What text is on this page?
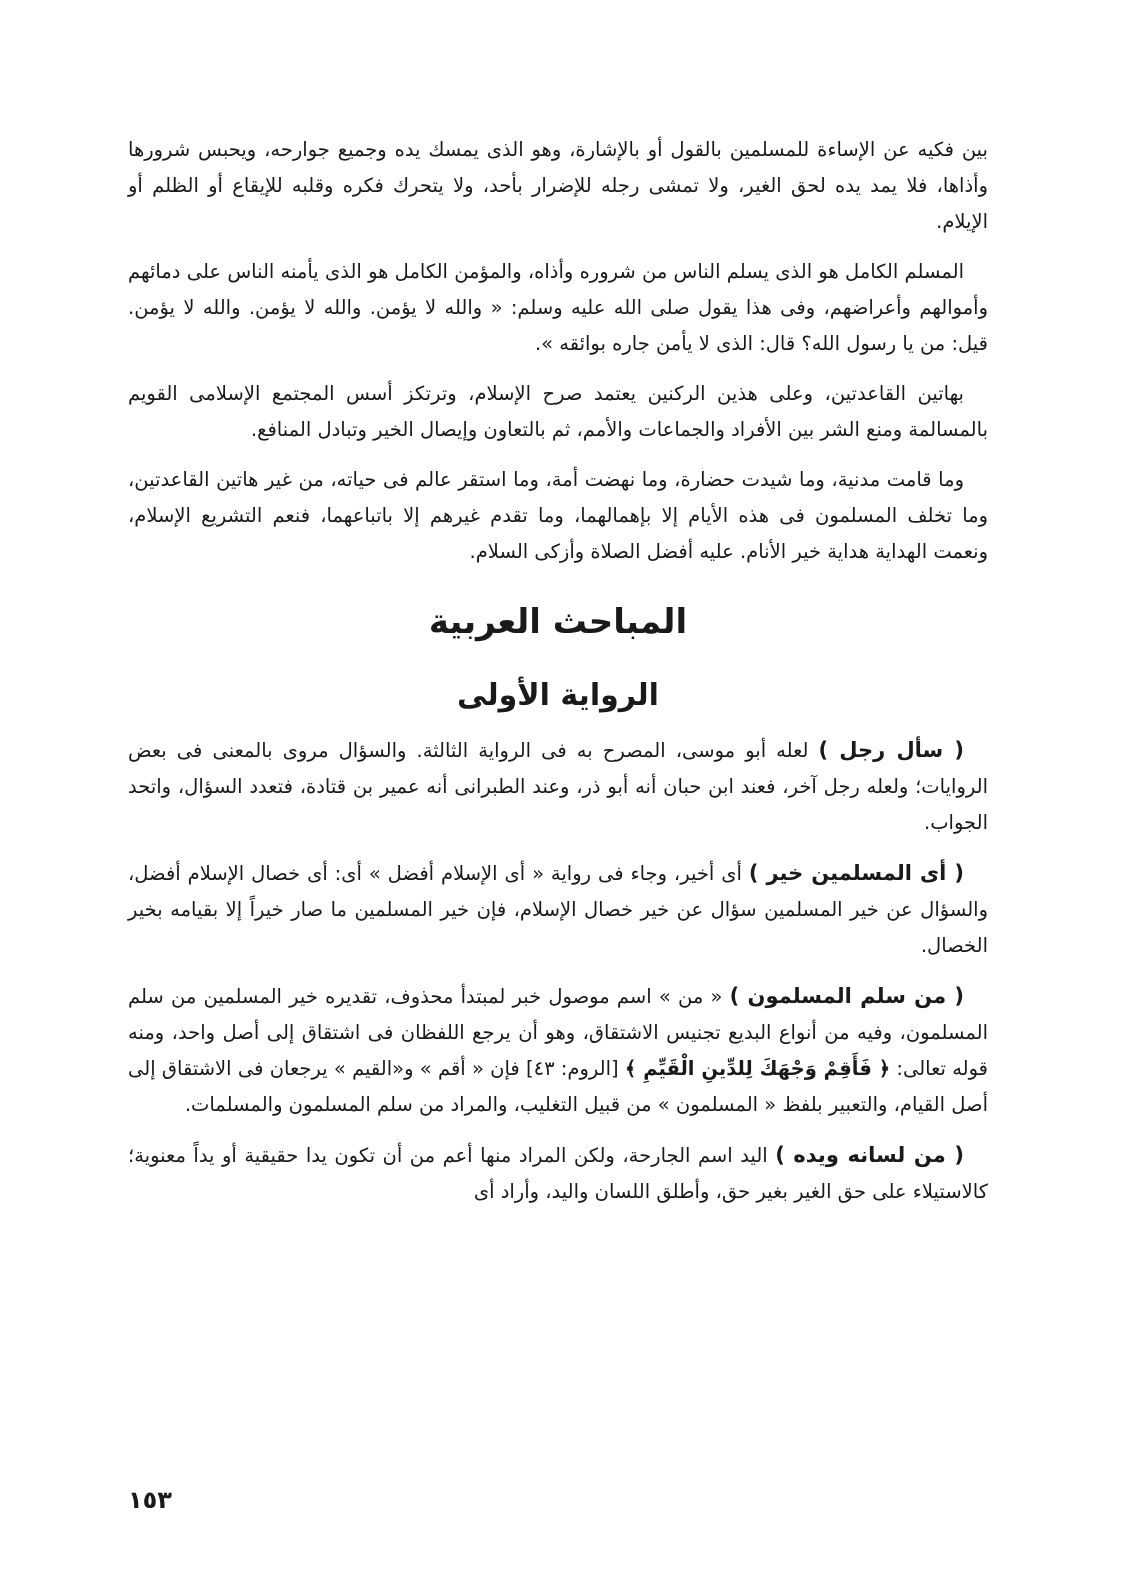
بين فكيه عن الإساءة للمسلمين بالقول أو بالإشارة، وهو الذى يمسك يده وجميع جوارحه، ويحبس شرورها وأذاها، فلا يمد يده لحق الغير، ولا تمشى رجله للإضرار بأحد، ولا يتحرك فكره وقلبه للإيقاع أو الظلم أو الإيلام.

المسلم الكامل هو الذى يسلم الناس من شروره وأذاه، والمؤمن الكامل هو الذى يأمنه الناس على دمائهم وأموالهم وأعراضهم، وفى هذا يقول صلى الله عليه وسلم: « والله لا يؤمن. والله لا يؤمن. والله لا يؤمن. قيل: من يا رسول الله؟ قال: الذى لا يأمن جاره بوائقه ».

بهاتين القاعدتين، وعلى هذين الركنين يعتمد صرح الإسلام، وترتكز أسس المجتمع الإسلامى القويم بالمسالمة ومنع الشر بين الأفراد والجماعات والأمم، ثم بالتعاون وإيصال الخير وتبادل المنافع.

وما قامت مدنية، وما شيدت حضارة، وما نهضت أمة، وما استقر عالم فى حياته، من غير هاتين القاعدتين، وما تخلف المسلمون فى هذه الأيام إلا بإهمالهما، وما تقدم غيرهم إلا باتباعهما، فنعم التشريع الإسلام، ونعمت الهداية هداية خير الأنام. عليه أفضل الصلاة وأزكى السلام.

المباحث العربية
الرواية الأولى

( سأل رجل ) لعله أبو موسى، المصرح به فى الرواية الثالثة. والسؤال مروى بالمعنى فى بعض الروايات؛ ولعله رجل آخر، فعند ابن حبان أنه أبو ذر، وعند الطبرانى أنه عمير بن قتادة، فتعدد السؤال، واتحد الجواب.

( أى المسلمين خير ) أى أخير، وجاء فى رواية « أى الإسلام أفضل » أى: أى خصال الإسلام أفضل، والسؤال عن خير المسلمين سؤال عن خير خصال الإسلام، فإن خير المسلمين ما صار خيراً إلا بقيامه بخير الخصال.

( من سلم المسلمون ) « من » اسم موصول خبر لمبتدأ محذوف، تقديره خير المسلمين من سلم المسلمون، وفيه من أنواع البديع تجنيس الاشتقاق، وهو أن يرجع اللفظان فى اشتقاق إلى أصل واحد، ومنه قوله تعالى: ﴿ فَأَقِمْ وَجْهَكَ لِلدِّينِ الْقَيِّمِ ﴾ [الروم: ٤٣] فإن « أقم » و«القيم » يرجعان فى الاشتقاق إلى أصل القيام، والتعبير بلفظ « المسلمون » من قبيل التغليب، والمراد من سلم المسلمون والمسلمات.

( من لسانه ويده ) اليد اسم الجارحة، ولكن المراد منها أعم من أن تكون يدا حقيقية أو يداً معنوية؛ كالاستيلاء على حق الغير بغير حق، وأطلق اللسان واليد، وأراد أى

١٥٣
